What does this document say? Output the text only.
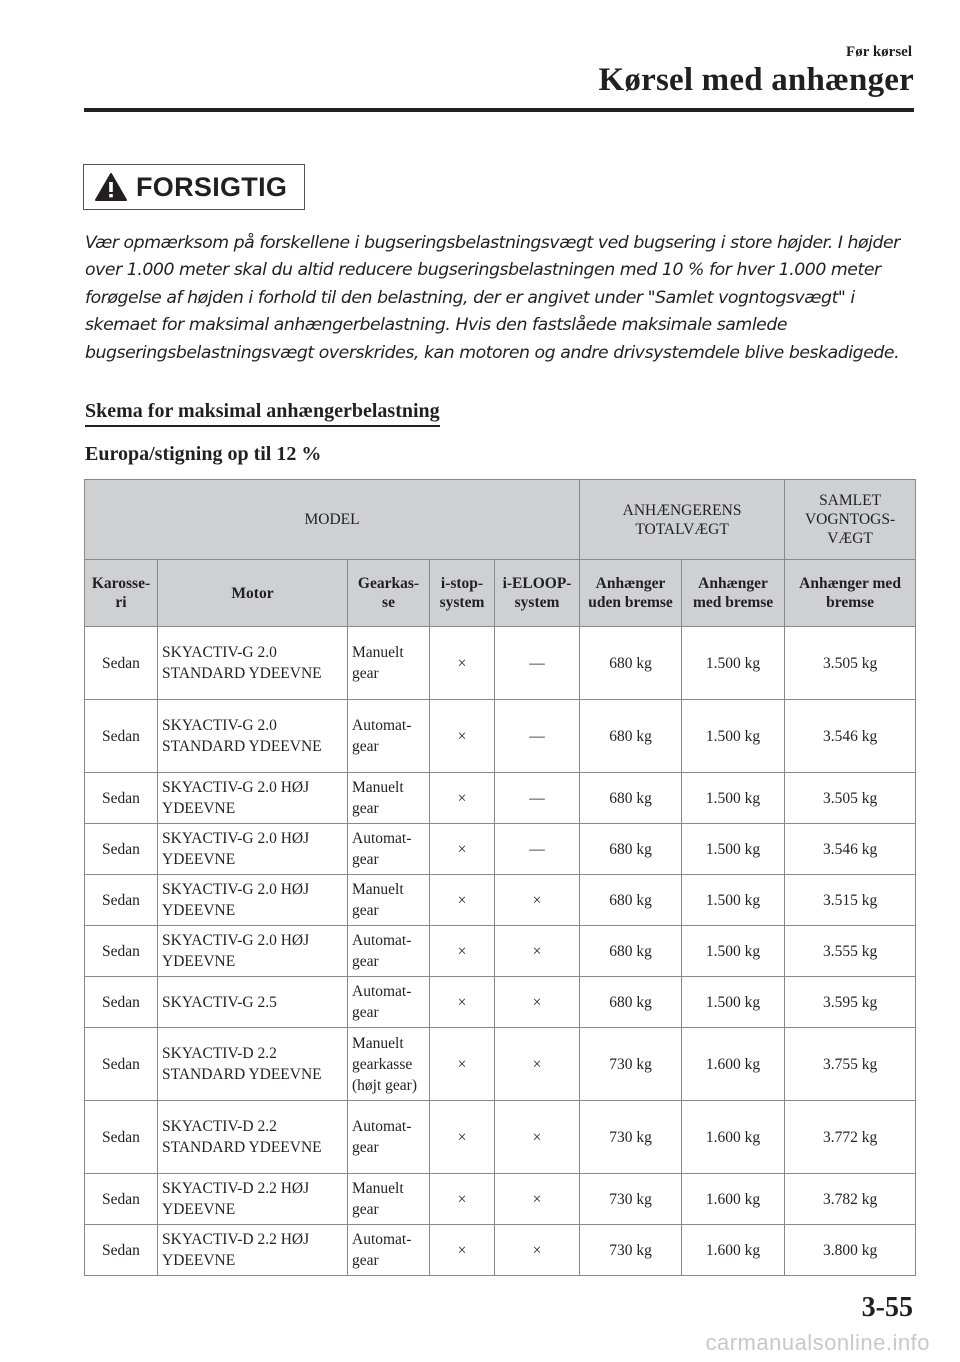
Før kørsel
Kørsel med anhænger
FORSIGTIG

Vær opmærksom på forskellene i bugseringsbelastningsvægt ved bugsering i store højder. I højder over 1.000 meter skal du altid reducere bugseringsbelastningen med 10 % for hver 1.000 meter forøgelse af højden i forhold til den belastning, der er angivet under "Samlet vogntogsvægt" i skemaet for maksimal anhængerbelastning. Hvis den fastslåede maksimale samlede bugseringsbelastningsvægt overskrides, kan motoren og andre drivsystemdele blive beskadigede.

Skema for maksimal anhængerbelastning
Europa/stigning op til 12 %
MODEL					ANHÆNGERENS TOTALVÆGT		SAMLET VOGNTOGS-VÆGT
Karosse-ri	Motor	Gearkas-se	i-stop-system	i-ELOOP-system	Anhænger uden bremse	Anhænger med bremse	Anhænger med bremse
Sedan	SKYACTIV-G 2.0 STANDARD YDEEVNE	Manuelt gear	×	—	680 kg	1.500 kg	3.505 kg
Sedan	SKYACTIV-G 2.0 STANDARD YDEEVNE	Automat-gear	×	—	680 kg	1.500 kg	3.546 kg
Sedan	SKYACTIV-G 2.0 HØJ YDEEVNE	Manuelt gear	×	—	680 kg	1.500 kg	3.505 kg
Sedan	SKYACTIV-G 2.0 HØJ YDEEVNE	Automat-gear	×	—	680 kg	1.500 kg	3.546 kg
Sedan	SKYACTIV-G 2.0 HØJ YDEEVNE	Manuelt gear	×	×	680 kg	1.500 kg	3.515 kg
Sedan	SKYACTIV-G 2.0 HØJ YDEEVNE	Automat-gear	×	×	680 kg	1.500 kg	3.555 kg
Sedan	SKYACTIV-G 2.5	Automat-gear	×	×	680 kg	1.500 kg	3.595 kg
Sedan	SKYACTIV-D 2.2 STANDARD YDEEVNE	Manuelt gearkasse (højt gear)	×	×	730 kg	1.600 kg	3.755 kg
Sedan	SKYACTIV-D 2.2 STANDARD YDEEVNE	Automat-gear	×	×	730 kg	1.600 kg	3.772 kg
Sedan	SKYACTIV-D 2.2 HØJ YDEEVNE	Manuelt gear	×	×	730 kg	1.600 kg	3.782 kg
Sedan	SKYACTIV-D 2.2 HØJ YDEEVNE	Automat-gear	×	×	730 kg	1.600 kg	3.800 kg
3-55
carmanualsonline.info
